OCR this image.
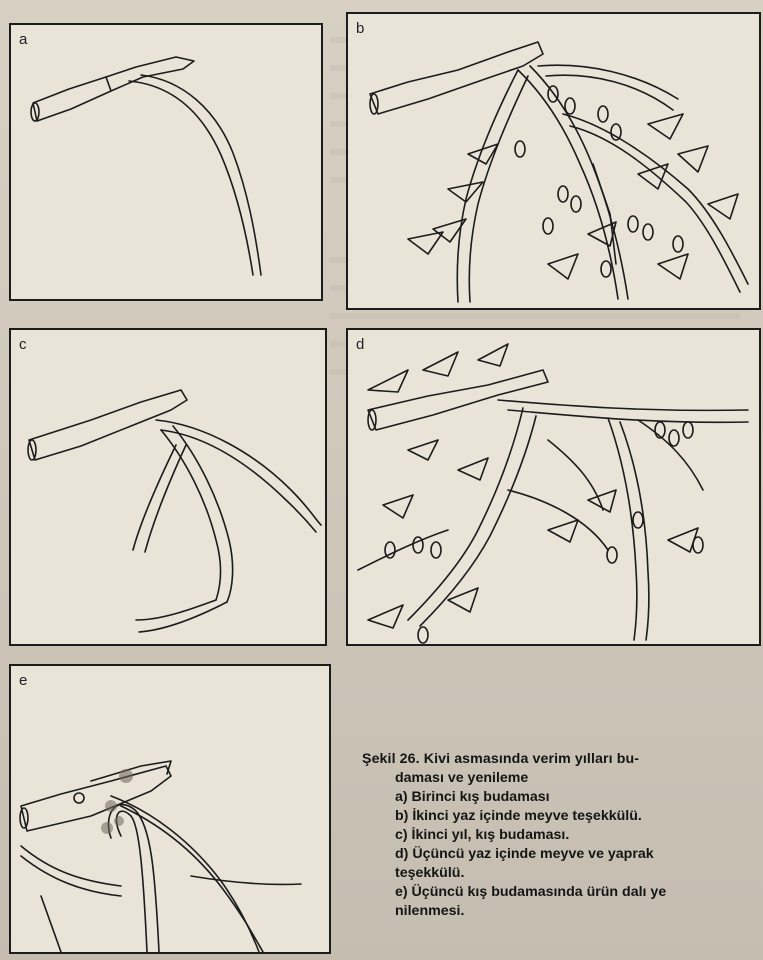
a
b
c	d
e
Şekil 26. Kivi asmasında verim yılları bu-
daması ve yenileme
a) Birinci kış budaması
b) İkinci yaz içinde meyve teşekkülü.
c) İkinci yıl, kış budaması.
d) Üçüncü yaz içinde meyve ve yaprak
teşekkülü.
e) Üçüncü kış budamasında ürün dalı ye
nilenmesi.
